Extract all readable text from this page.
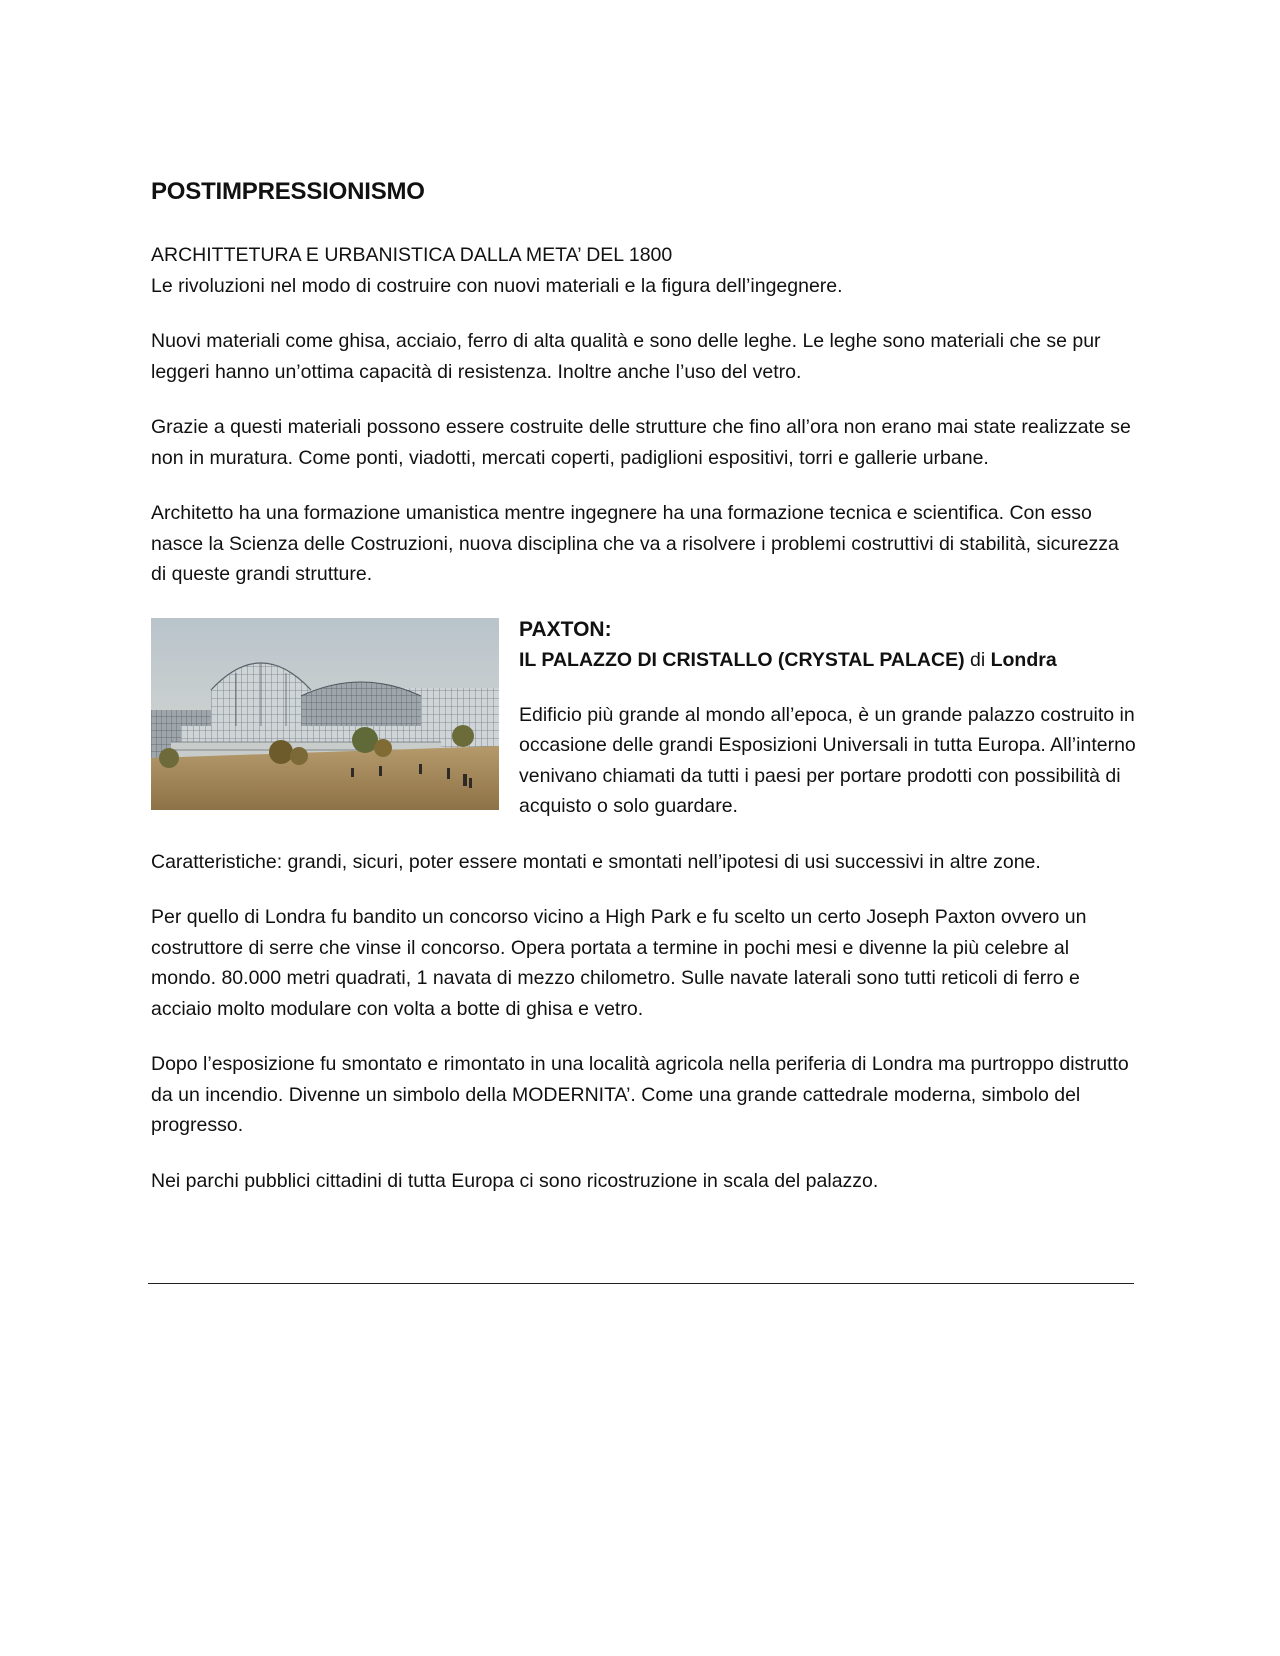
POSTIMPRESSIONISMO

ARCHITTETURA E URBANISTICA DALLA META’ DEL 1800

Le rivoluzioni nel modo di costruire con nuovi materiali e la figura dell’ingegnere.

Nuovi materiali come ghisa, acciaio, ferro di alta qualità e sono delle leghe. Le leghe sono materiali che se pur leggeri hanno un’ottima capacità di resistenza. Inoltre anche l’uso del vetro.

Grazie a questi materiali possono essere costruite delle strutture che fino all’ora non erano mai state realizzate se non in muratura. Come ponti, viadotti, mercati coperti, padiglioni espositivi, torri e gallerie urbane.

Architetto ha una formazione umanistica mentre ingegnere ha una formazione tecnica e scientifica. Con esso nasce la Scienza delle Costruzioni, nuova disciplina che va a risolvere i problemi costruttivi di stabilità, sicurezza di queste grandi strutture.

PAXTON:

IL PALAZZO DI CRISTALLO (CRYSTAL PALACE) di Londra

Edificio più grande al mondo all’epoca, è un grande palazzo costruito in occasione delle grandi Esposizioni Universali in tutta Europa. All’interno venivano chiamati da tutti i paesi per portare prodotti con possibilità di acquisto o solo guardare.

Caratteristiche: grandi, sicuri, poter essere montati e smontati nell’ipotesi di usi successivi in altre zone.

Per quello di Londra fu bandito un concorso vicino a High Park e fu scelto un certo Joseph Paxton ovvero un costruttore di serre che vinse il concorso. Opera portata a termine in pochi mesi e divenne la più celebre al mondo. 80.000 metri quadrati, 1 navata di mezzo chilometro. Sulle navate laterali sono tutti reticoli di ferro e acciaio molto modulare con volta a botte di ghisa e vetro.

Dopo l’esposizione fu smontato e rimontato in una località agricola nella periferia di Londra ma purtroppo distrutto da un incendio. Divenne un simbolo della MODERNITA’. Come una grande cattedrale moderna, simbolo del progresso.

Nei parchi pubblici cittadini di tutta Europa ci sono ricostruzione in scala del palazzo.
